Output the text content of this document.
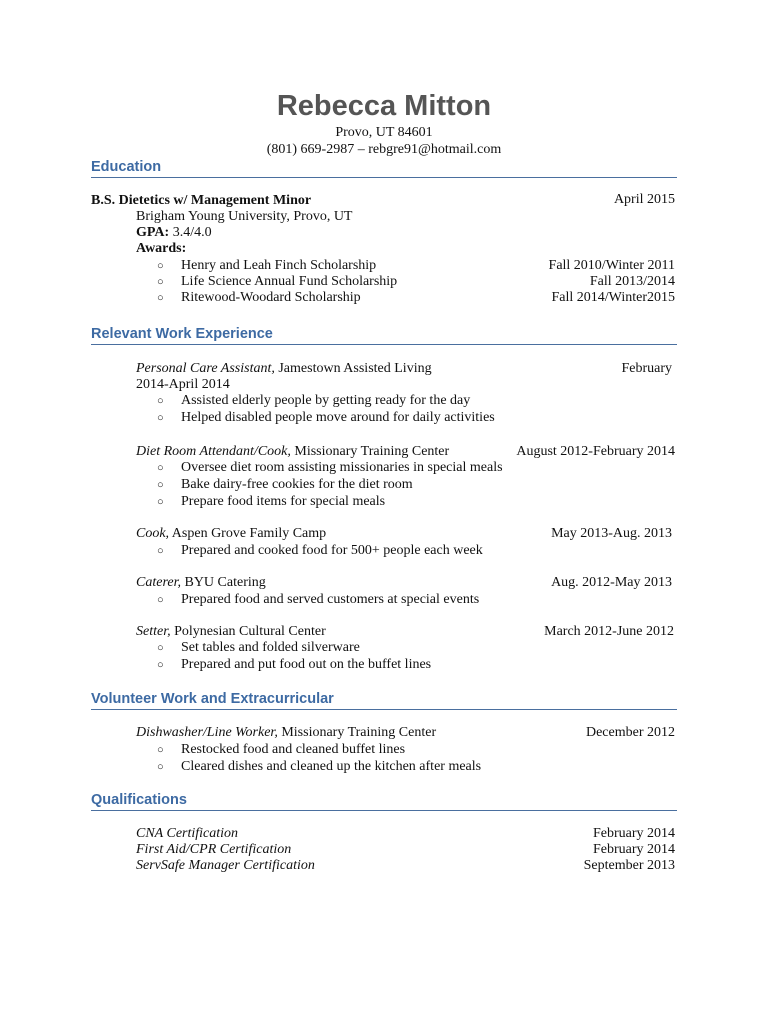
Rebecca Mitton
Provo, UT 84601
(801) 669-2987 – rebgre91@hotmail.com
Education
B.S. Dietetics w/ Management Minor	April 2015
Brigham Young University, Provo, UT
GPA: 3.4/4.0
Awards:
○ Henry and Leah Finch Scholarship	Fall 2010/Winter 2011
○ Life Science Annual Fund Scholarship	Fall 2013/2014
○ Ritewood-Woodard Scholarship	Fall 2014/Winter2015
Relevant Work Experience
Personal Care Assistant, Jamestown Assisted Living	February
2014-April 2014
○ Assisted elderly people by getting ready for the day
○ Helped disabled people move around for daily activities
Diet Room Attendant/Cook, Missionary Training Center	August 2012-February 2014
○ Oversee diet room assisting missionaries in special meals
○ Bake dairy-free cookies for the diet room
○ Prepare food items for special meals
Cook, Aspen Grove Family Camp	May 2013-Aug. 2013
○ Prepared and cooked food for 500+ people each week
Caterer, BYU Catering	Aug. 2012-May 2013
○ Prepared food and served customers at special events
Setter, Polynesian Cultural Center	March 2012-June 2012
○ Set tables and folded silverware
○ Prepared and put food out on the buffet lines
Volunteer Work and Extracurricular
Dishwasher/Line Worker, Missionary Training Center	December 2012
○ Restocked food and cleaned buffet lines
○ Cleared dishes and cleaned up the kitchen after meals
Qualifications
CNA Certification	February 2014
First Aid/CPR Certification	February 2014
ServSafe Manager Certification	September 2013
